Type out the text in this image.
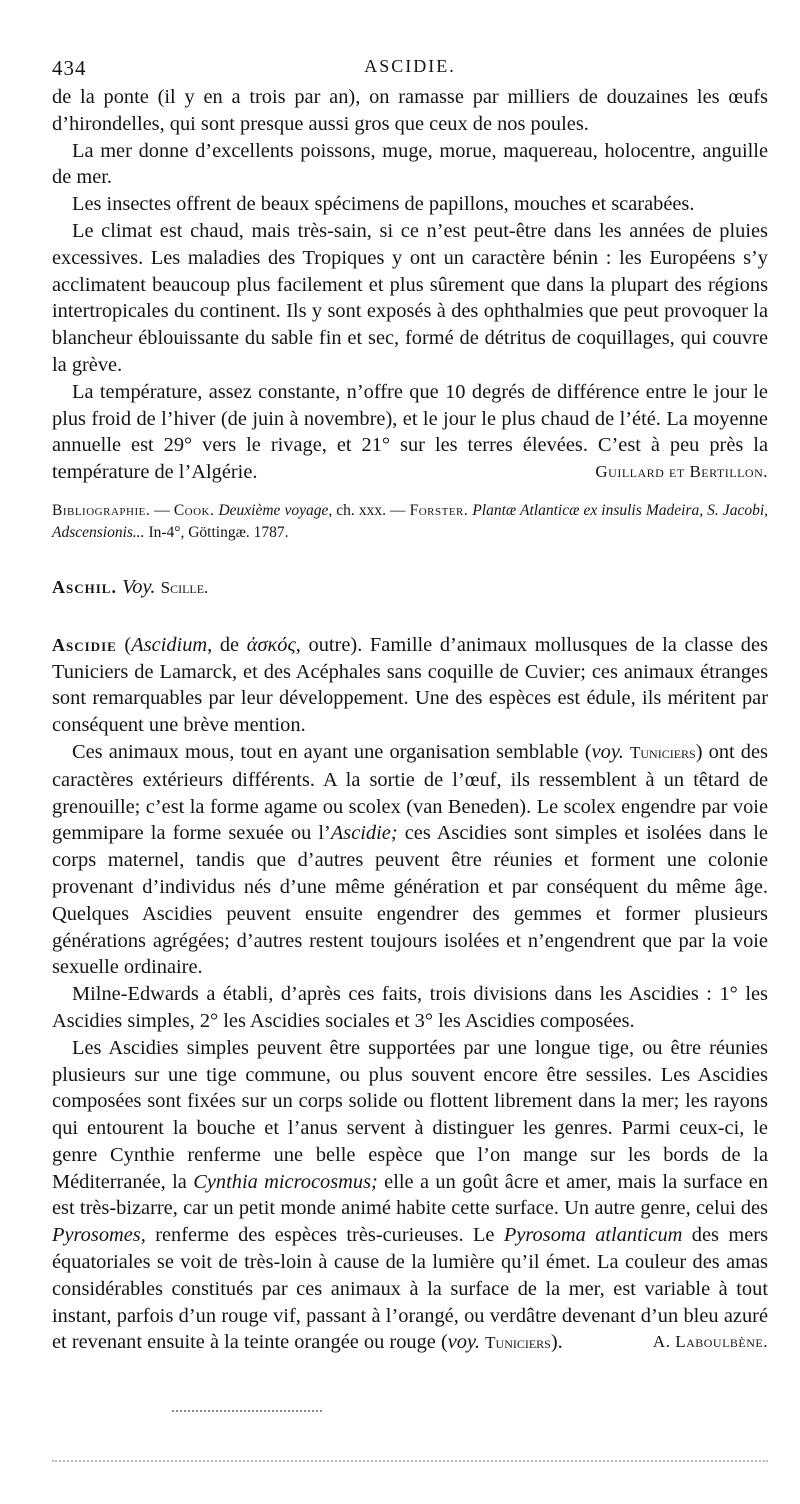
434	ASCIDIE.

de la ponte (il y en a trois par an), on ramasse par milliers de douzaines les œufs d’hirondelles, qui sont presque aussi gros que ceux de nos poules.

La mer donne d’excellents poissons, muge, morue, maquereau, holocentre, anguille de mer.

Les insectes offrent de beaux spécimens de papillons, mouches et scarabées.

Le climat est chaud, mais très-sain, si ce n’est peut-être dans les années de pluies excessives. Les maladies des Tropiques y ont un caractère bénin : les Européens s’y acclimatent beaucoup plus facilement et plus sûrement que dans la plupart des régions intertropicales du continent. Ils y sont exposés à des ophthalmies que peut provoquer la blancheur éblouissante du sable fin et sec, formé de détritus de coquillages, qui couvre la grève.

La température, assez constante, n’offre que 10 degrés de différence entre le jour le plus froid de l’hiver (de juin à novembre), et le jour le plus chaud de l’été. La moyenne annuelle est 29° vers le rivage, et 21° sur les terres élevées. C’est à peu près la température de l’Algérie.	Guillard et Bertillon.

Bibliographie. — Cook. Deuxième voyage, ch. xxx. — Forster. Plantæ Atlanticæ ex insulis Madeira, S. Jacobi, Adscensionis... In-4°, Göttingæ. 1787.

Aschil. Voy. Scille.

Ascidie (Ascidium, de ἀσκός, outre). Famille d’animaux mollusques de la classe des Tuniciers de Lamarck, et des Acéphales sans coquille de Cuvier; ces animaux étranges sont remarquables par leur développement. Une des espèces est édule, ils méritent par conséquent une brève mention.

Ces animaux mous, tout en ayant une organisation semblable (voy. Tuniciers) ont des caractères extérieurs différents. A la sortie de l’œuf, ils ressemblent à un têtard de grenouille; c’est la forme agame ou scolex (van Beneden). Le scolex engendre par voie gemmipare la forme sexuée ou l’Ascidie; ces Ascidies sont simples et isolées dans le corps maternel, tandis que d’autres peuvent être réunies et forment une colonie provenant d’individus nés d’une même génération et par conséquent du même âge. Quelques Ascidies peuvent ensuite engendrer des gemmes et former plusieurs générations agrégées; d’autres restent toujours isolées et n’engendrent que par la voie sexuelle ordinaire.

Milne-Edwards a établi, d’après ces faits, trois divisions dans les Ascidies : 1° les Ascidies simples, 2° les Ascidies sociales et 3° les Ascidies composées.

Les Ascidies simples peuvent être supportées par une longue tige, ou être réunies plusieurs sur une tige commune, ou plus souvent encore être sessiles. Les Ascidies composées sont fixées sur un corps solide ou flottent librement dans la mer; les rayons qui entourent la bouche et l’anus servent à distinguer les genres. Parmi ceux-ci, le genre Cynthie renferme une belle espèce que l’on mange sur les bords de la Méditerranée, la Cynthia microcosmus; elle a un goût âcre et amer, mais la surface en est très-bizarre, car un petit monde animé habite cette surface. Un autre genre, celui des Pyrosomes, renferme des espèces très-curieuses. Le Pyrosoma atlanticum des mers équatoriales se voit de très-loin à cause de la lumière qu’il émet. La couleur des amas considérables constitués par ces animaux à la surface de la mer, est variable à tout instant, parfois d’un rouge vif, passant à l’orangé, ou verdâtre devenant d’un bleu azuré et revenant ensuite à la teinte orangée ou rouge (voy. Tuniciers).	A. Laboulbène.
